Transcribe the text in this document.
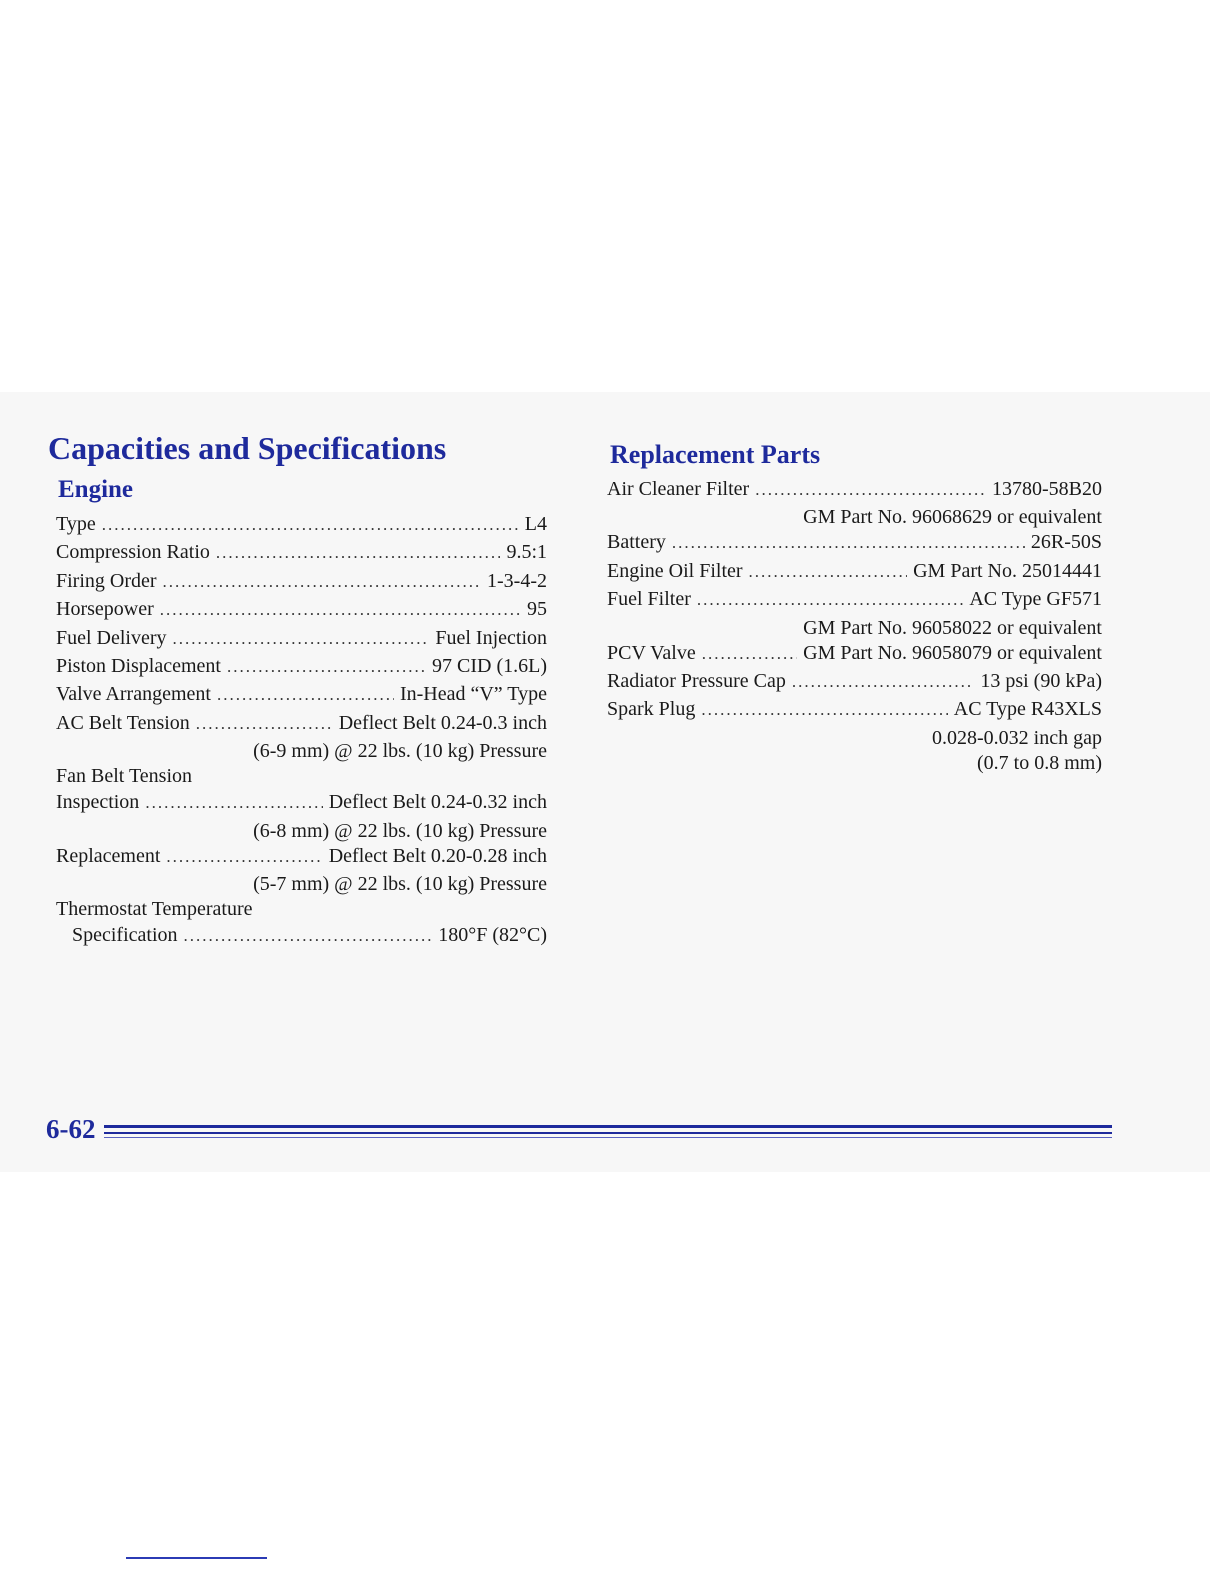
Capacities and Specifications
Engine
Replacement Parts
Type .....	L4
Compression Ratio .....	9.5:1
Firing Order .....	1-3-4-2
Horsepower .....	95
Fuel Delivery .....	Fuel Injection
Piston Displacement .....	97 CID (1.6L)
Valve Arrangement .....	In-Head “V” Type
AC Belt Tension .....	Deflect Belt 0.24-0.3 inch
(6-9 mm) @ 22 lbs. (10 kg) Pressure
Fan Belt Tension
Inspection .....	Deflect Belt 0.24-0.32 inch
(6-8 mm) @ 22 lbs. (10 kg) Pressure
Replacement .....	Deflect Belt 0.20-0.28 inch
(5-7 mm) @ 22 lbs. (10 kg) Pressure
Thermostat Temperature
Specification .....	180°F (82°C)
Air Cleaner Filter .....	13780-58B20
GM Part No. 96068629 or equivalent
Battery .....	26R-50S
Engine Oil Filter .....	GM Part No. 25014441
Fuel Filter .....	AC Type GF571
GM Part No. 96058022 or equivalent
PCV Valve .....	GM Part No. 96058079 or equivalent
Radiator Pressure Cap .....	13 psi (90 kPa)
Spark Plug .....	AC Type R43XLS
0.028-0.032 inch gap
(0.7 to 0.8 mm)
6-62
